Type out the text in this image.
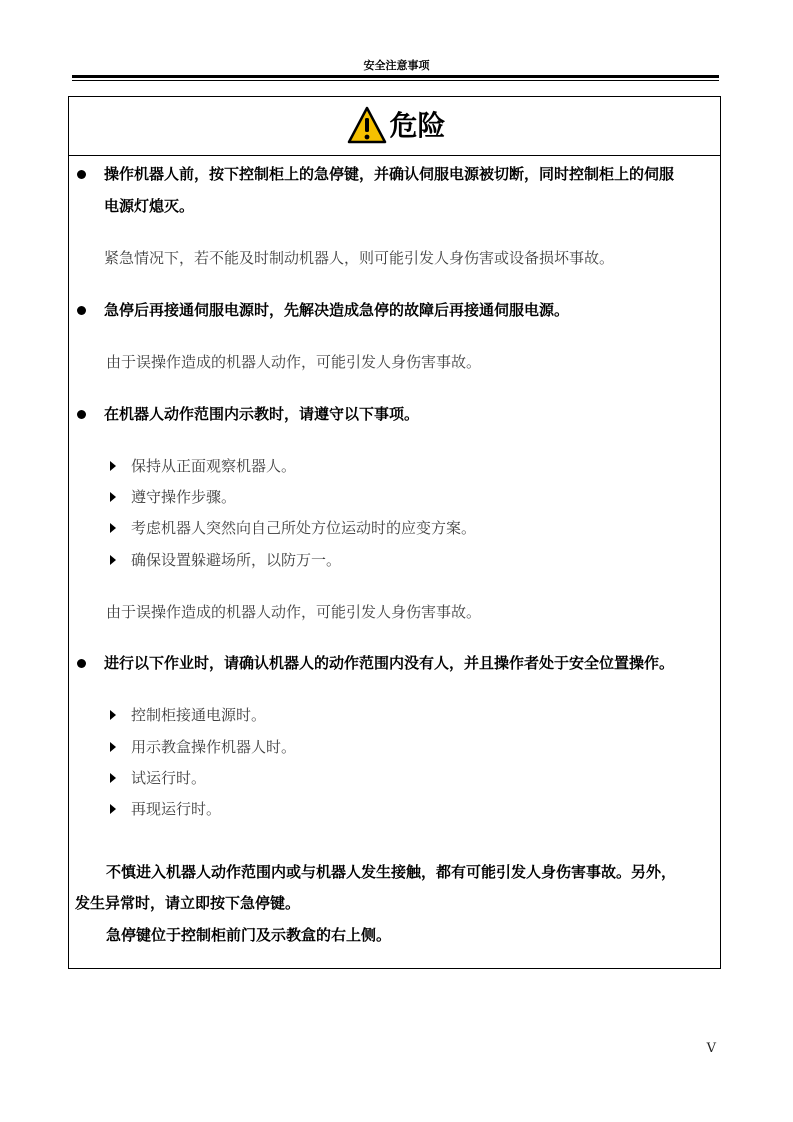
安全注意事项
危险
操作机器人前，按下控制柜上的急停键，并确认伺服电源被切断，同时控制柜上的伺服
电源灯熄灭。
紧急情况下，若不能及时制动机器人，则可能引发人身伤害或设备损坏事故。
急停后再接通伺服电源时，先解决造成急停的故障后再接通伺服电源。
由于误操作造成的机器人动作，可能引发人身伤害事故。
在机器人动作范围内示教时，请遵守以下事项。
保持从正面观察机器人。
遵守操作步骤。
考虑机器人突然向自己所处方位运动时的应变方案。
确保设置躲避场所，以防万一。
由于误操作造成的机器人动作，可能引发人身伤害事故。
进行以下作业时，请确认机器人的动作范围内没有人，并且操作者处于安全位置操作。
控制柜接通电源时。
用示教盒操作机器人时。
试运行时。
再现运行时。
不慎进入机器人动作范围内或与机器人发生接触，都有可能引发人身伤害事故。另外，
发生异常时，请立即按下急停键。
急停键位于控制柜前门及示教盒的右上侧。
V
